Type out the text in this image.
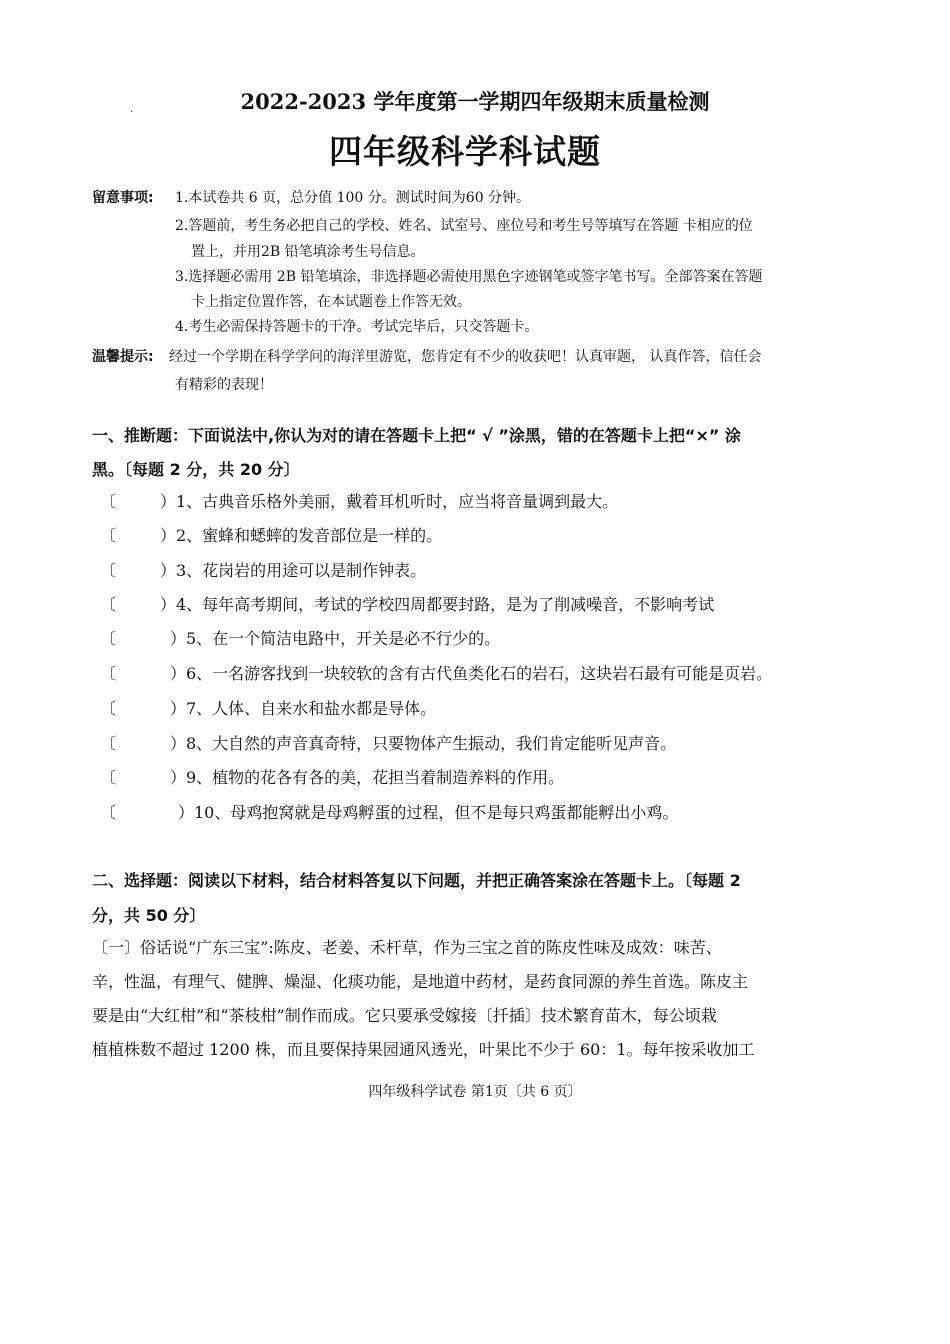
.	2022-2023 学年度第一学期四年级期末质量检测
四年级科学科试题
留意事项: 1.本试卷共 6 页，总分值 100 分。测试时间为60 分钟。
2.答题前，考生务必把自己的学校、姓名、试室号、座位号和考生号等填写在答题 卡相应的位
置上，并用2B 铅笔填涂考生号信息。
3.选择题必需用 2B 铅笔填涂，非选择题必需使用黑色字迹钢笔或签字笔书写。全部答案在答题
卡上指定位置作答，在本试题卷上作答无效。
4.考生必需保持答题卡的干净。考试完毕后，只交答题卡。
温馨提示: 经过一个学期在科学学问的海洋里游览，您肯定有不少的收获吧！认真审题， 认真作答，信任会
有精彩的表现！
一、推断题：下面说法中,你认为对的请在答题卡上把“ √ ”涂黑，错的在答题卡上把“×” 涂
黑。〔每题 2 分，共 20 分〕
〔	）1、古典音乐格外美丽，戴着耳机听时，应当将音量调到最大。
〔	）2、蜜蜂和蟋蟀的发音部位是一样的。
〔	）3、花岗岩的用途可以是制作钟表。
〔	）4、每年高考期间，考试的学校四周都要封路，是为了削减噪音，不影响考试
〔	）5、在一个简洁电路中，开关是必不行少的。
〔	）6、一名游客找到一块较软的含有古代鱼类化石的岩石，这块岩石最有可能是页岩。
〔	）7、人体、自来水和盐水都是导体。
〔	）8、大自然的声音真奇特，只要物体产生振动，我们肯定能听见声音。
〔	）9、植物的花各有各的美，花担当着制造养料的作用。
〔	）10、母鸡抱窝就是母鸡孵蛋的过程，但不是每只鸡蛋都能孵出小鸡。
二、选择题：阅读以下材料，结合材料答复以下问题，并把正确答案涂在答题卡上。〔每题 2
分，共 50 分〕
〔一〕俗话说“广东三宝”:陈皮、老姜、禾杆草，作为三宝之首的陈皮性味及成效：味苦、
辛，性温，有理气、健脾、燥湿、化痰功能，是地道中药材，是药食同源的养生首选。陈皮主
要是由“大红柑”和“茶枝柑”制作而成。它只要承受嫁接〔扦插〕技术繁育苗木，每公顷栽
植植株数不超过 1200 株，而且要保持果园通风透光，叶果比不少于 60：1。每年按采收加工
四年级科学试卷 第1页〔共 6 页〕
